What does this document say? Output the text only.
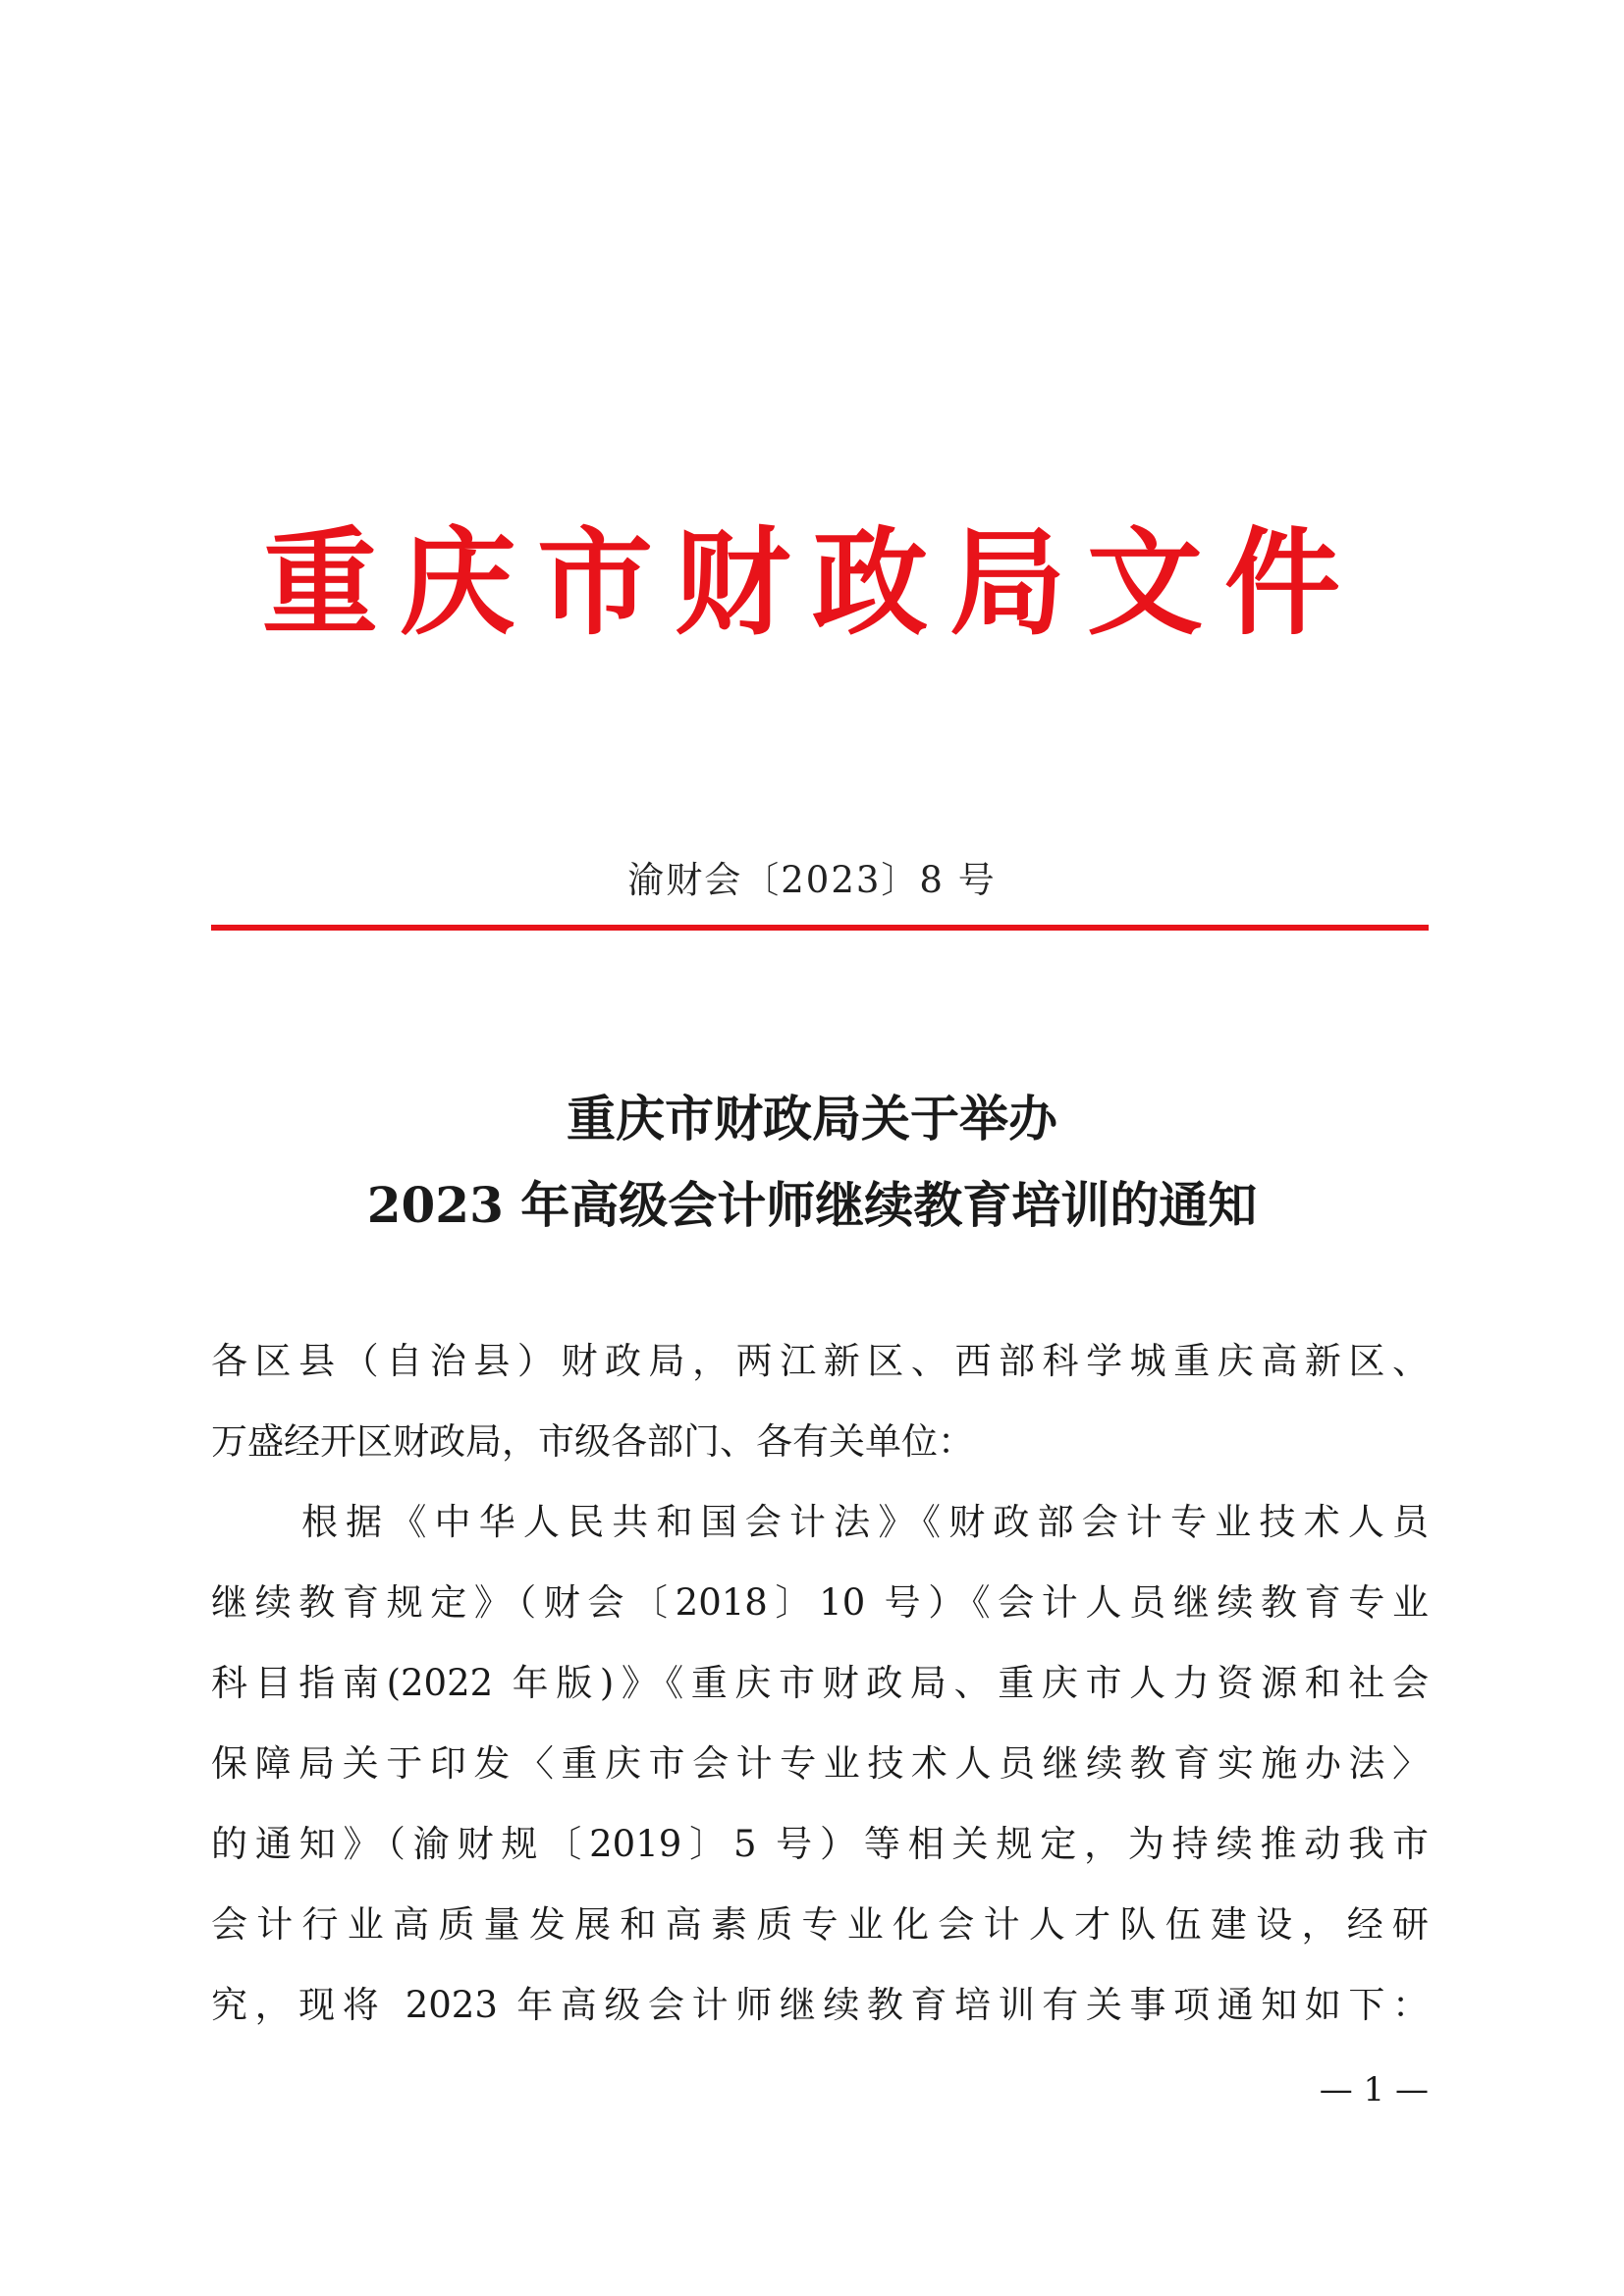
重庆市财政局文件
渝财会〔2023〕8 号
重庆市财政局关于举办
2023 年高级会计师继续教育培训的通知
各区县（自治县）财政局，两江新区、西部科学城重庆高新区、
万盛经开区财政局，市级各部门、各有关单位：
根据《中华人民共和国会计法》《财政部会计专业技术人员
继续教育规定》（财会〔2018〕10 号）《会计人员继续教育专业
科目指南(2022 年版)》《重庆市财政局、重庆市人力资源和社会
保障局关于印发〈重庆市会计专业技术人员继续教育实施办法〉
的通知》（渝财规〔2019〕5 号）等相关规定，为持续推动我市
会计行业高质量发展和高素质专业化会计人才队伍建设，经研
究，现将 2023 年高级会计师继续教育培训有关事项通知如下：
— 1 —
